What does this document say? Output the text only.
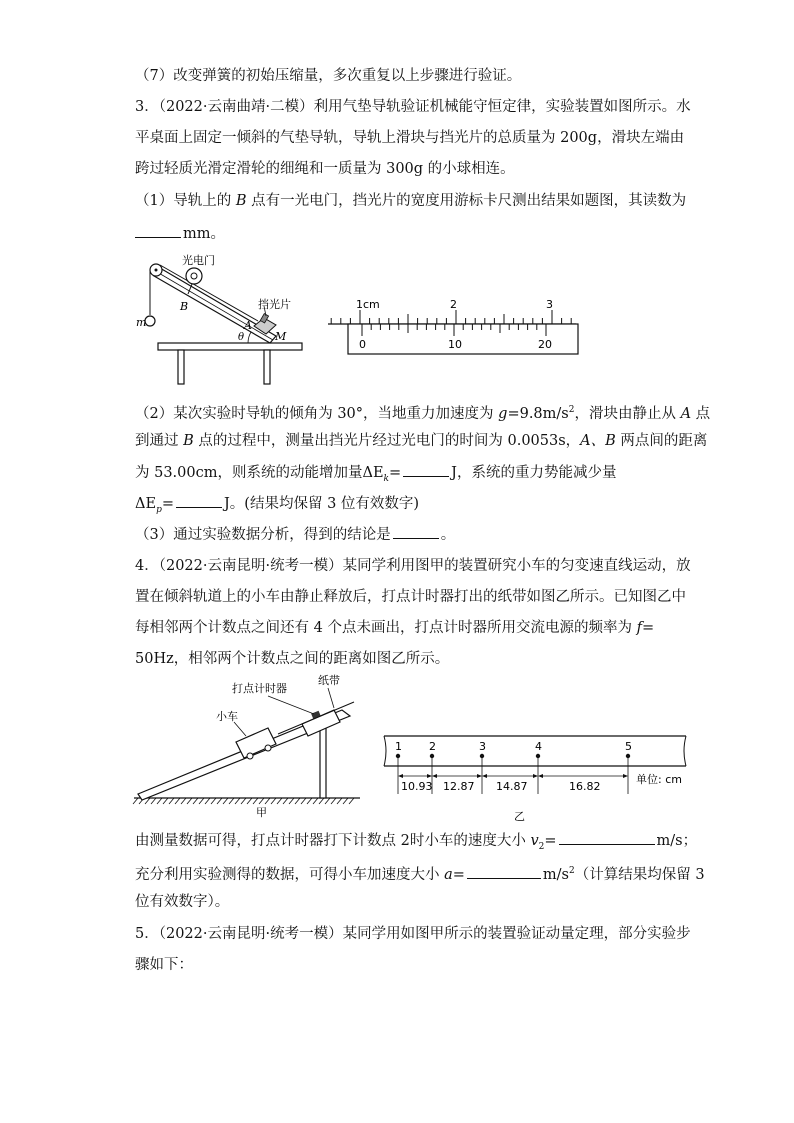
（7）改变弹簧的初始压缩量，多次重复以上步骤进行验证。
3．（2022·云南曲靖·二模）利用气垫导轨验证机械能守恒定律，实验装置如图所示。水
平桌面上固定一倾斜的气垫导轨，导轨上滑块与挡光片的总质量为 200g，滑块左端由
跨过轻质光滑定滑轮的细绳和一质量为 300g 的小球相连。
（1）导轨上的 B 点有一光电门，挡光片的宽度用游标卡尺测出结果如题图，其读数为
mm。
光电门
挡光片
B
A
M
m
θ
1cm	2	3
0	10	20
（2）某次实验时导轨的倾角为 30°，当地重力加速度为 $g=9.8m/s^2$，滑块由静止从 A 点
到通过 B 点的过程中，测量出挡光片经过光电门的时间为 0.0053s，A、B 两点间的距离
为 53.00cm，则系统的动能增加量$\Delta E_k=$	J，系统的重力势能减少量
$\Delta E_p=$	J。(结果均保留 3 位有效数字)
（3）通过实验数据分析，得到的结论是	。
4．（2022·云南昆明·统考一模）某同学利用图甲的装置研究小车的匀变速直线运动，放
置在倾斜轨道上的小车由静止释放后，打点计时器打出的纸带如图乙所示。已知图乙中
每相邻两个计数点之间还有 4 个点未画出，打点计时器所用交流电源的频率为 f=
50Hz，相邻两个计数点之间的距离如图乙所示。
打点计时器
纸带
小车
甲
1 2	3	4	5
10.93 12.87 14.87	16.82
单位: cm
乙
由测量数据可得，打点计时器打下计数点 2时小车的速度大小 $v_2=$	m/s；
充分利用实验测得的数据，可得小车加速度大小 a=	$m/s^2$（计算结果均保留 3
位有效数字）。
5．（2022·云南昆明·统考一模）某同学用如图甲所示的装置验证动量定理，部分实验步
骤如下：
